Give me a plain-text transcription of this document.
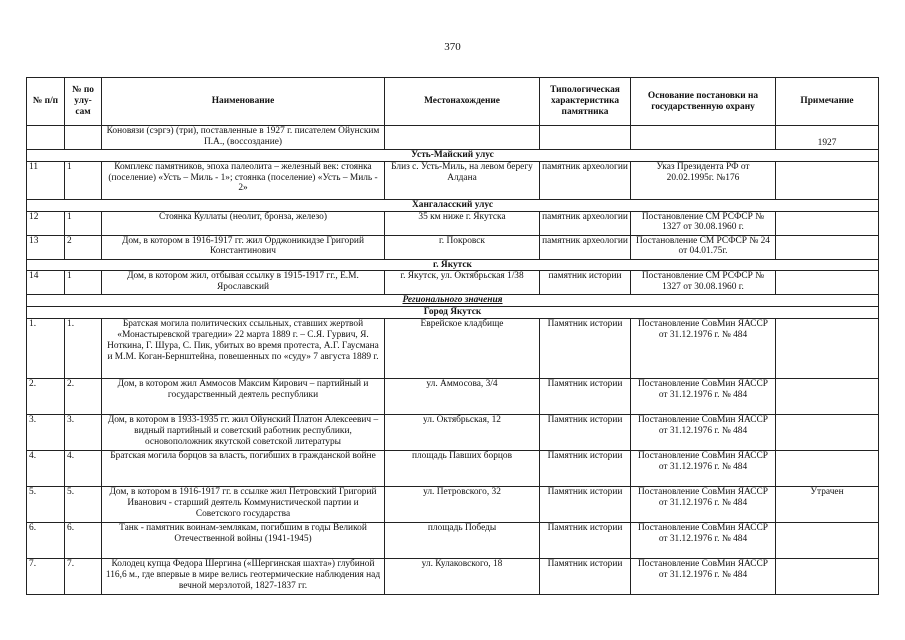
370
№ п/п	№ по улу- сам	Наименование	Местонахождение	Типологическая характеристика памятника	Основание постановки на государственную охрану	Примечание
		Коновязи (сэргэ) (три), поставленные в 1927 г. писателем Ойунским П.А., (воссоздание)				1927
Усть-Майский улус						
11	1	Комплекс памятников, эпоха палеолита – железный век: стоянка (поселение) «Усть – Миль - 1»; стоянка (поселение) «Усть – Миль - 2»	Близ с. Усть-Миль, на левом берегу Алдана	памятник археологии	Указ Президента РФ от 20.02.1995г. №176	
Хангаласский улус						
12	1	Стоянка Куллаты (неолит, бронза, железо)	35 км ниже г. Якутска	памятник археологии	Постановление СМ РСФСР № 1327 от 30.08.1960 г.	
13	2	Дом, в котором в 1916-1917 гг. жил Орджоникидзе Григорий Константинович	г. Покровск	памятник археологии	Постановление СМ РСФСР № 24 от 04.01.75г.	
г. Якутск						
14	1	Дом, в котором жил, отбывая ссылку в 1915-1917 гг., Е.М. Ярославский	г. Якутск, ул. Октябрьская 1/38	памятник истории	Постановление СМ РСФСР № 1327 от 30.08.1960 г.	
Регионального значения						
Город Якутск						
1.	1.	Братская могила политических ссыльных, ставших жертвой «Монастыревской трагедии» 22 марта 1889 г. – С.Я. Гурвич, Я. Ноткина, Г. Шура, С. Пик, убитых во время протеста, А.Г. Гаусмана и М.М. Коган-Бернштейна, повешенных по «суду» 7 августа 1889 г.	Еврейское кладбище	Памятник истории	Постановление СовМин ЯАССР от 31.12.1976 г. № 484	
2.	2.	Дом, в котором жил Аммосов Максим Кирович – партийный и государственный деятель республики	ул. Аммосова, 3/4	Памятник истории	Постановление СовМин ЯАССР от 31.12.1976 г. № 484	
3.	3.	Дом, в котором в 1933-1935 гг. жил Ойунский Платон Алексеевич – видный партийный и советский работник республики, основоположник якутской советской литературы	ул. Октябрьская, 12	Памятник истории	Постановление СовМин ЯАССР от 31.12.1976 г. № 484	
4.	4.	Братская могила борцов за власть, погибших в гражданской войне	площадь Павших борцов	Памятник истории	Постановление СовМин ЯАССР от 31.12.1976 г. № 484	
5.	5.	Дом, в котором в 1916-1917 гг. в ссылке жил Петровский Григорий Иванович - старший деятель Коммунистической партии и Советского государства	ул. Петровского, 32	Памятник истории	Постановление СовМин ЯАССР от 31.12.1976 г. № 484	Утрачен
6.	6.	Танк - памятник воинам-землякам, погибшим в годы Великой Отечественной войны (1941-1945)	площадь Победы	Памятник истории	Постановление СовМин ЯАССР от 31.12.1976 г. № 484	
7.	7.	Колодец купца Федора Шергина («Шергинская шахта») глубиной 116,6 м., где впервые в мире велись геотермические наблюдения над вечной мерзлотой, 1827-1837 гг.	ул. Кулаковского, 18	Памятник истории	Постановление СовМин ЯАССР от 31.12.1976 г. № 484	
